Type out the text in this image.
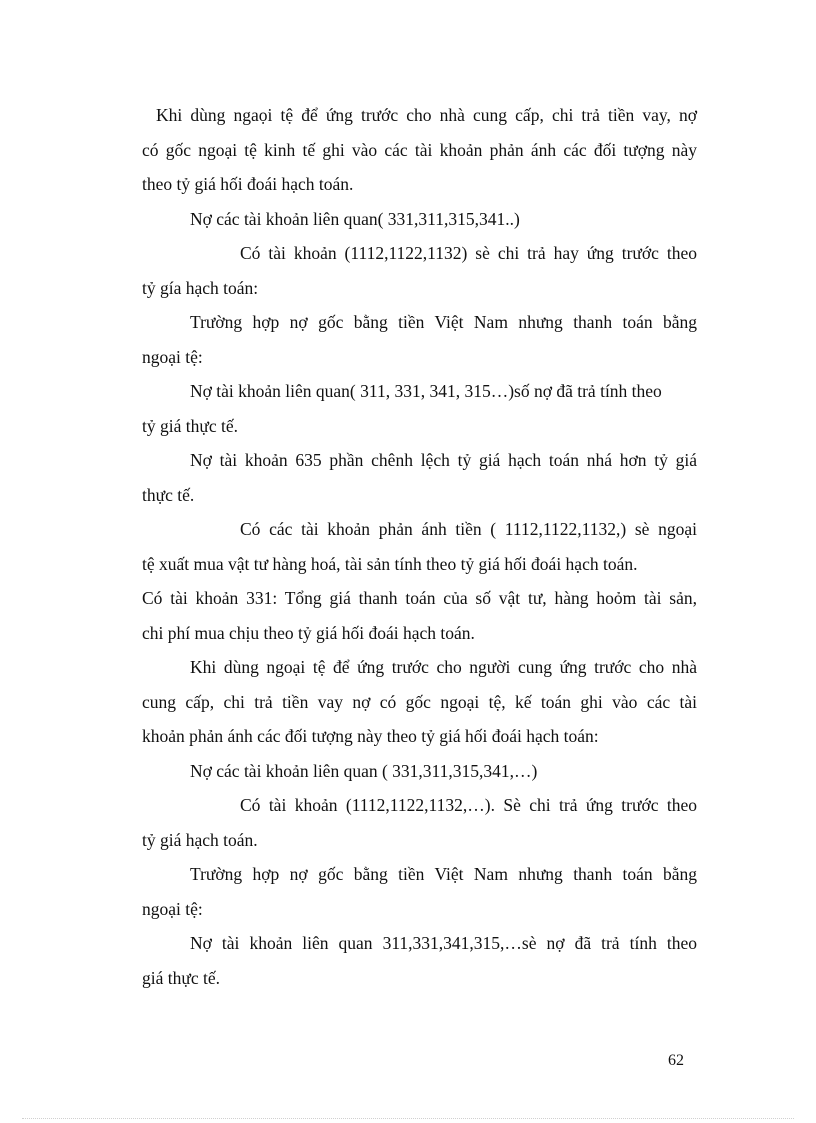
Khi dùng ngaọi tệ để ứng trước cho nhà cung cấp, chi trả tiền vay, nợ
có gốc ngoại tệ kinh tế ghi vào các tài khoản phản ánh các đối tượng này
theo tỷ giá hối đoái hạch toán.
Nợ các tài khoản liên quan( 331,311,315,341..)
Có tài khoản (1112,1122,1132) sè chi trả hay ứng trước theo
tỷ gía hạch toán:
Trường hợp nợ gốc bằng tiền Việt Nam nhưng thanh toán bằng
ngoại tệ:
Nợ tài khoản liên quan( 311, 331, 341, 315…)số nợ đã trả tính theo
tỷ giá thực tế.
Nợ tài khoản 635 phần chênh lệch tỷ giá hạch toán nhá hơn tỷ giá
thực tế.
Có các tài khoản phản ánh tiền ( 1112,1122,1132,) sè ngoại
tệ xuất mua vật tư hàng hoá, tài sản tính theo tỷ giá hối đoái hạch toán.
Có tài khoản 331: Tổng giá thanh toán của số vật tư, hàng hoỏm tài sản,
chi phí mua chịu theo tỷ giá hối đoái hạch toán.
Khi dùng ngoại tệ để ứng trước cho người cung ứng trước cho nhà
cung cấp, chi trả tiền vay nợ có gốc ngoại tệ, kế toán ghi vào các tài
khoản phản ánh các đối tượng này theo tỷ giá hối đoái hạch toán:
Nợ các tài khoản liên quan ( 331,311,315,341,…)
Có tài khoản (1112,1122,1132,…). Sè chi trả ứng trước theo
tỷ giá hạch toán.
Trường hợp nợ gốc bằng tiền Việt Nam nhưng thanh toán bằng
ngoại tệ:
Nợ tài khoản liên quan 311,331,341,315,…sè nợ đã trả tính theo
giá thực tế.
62
